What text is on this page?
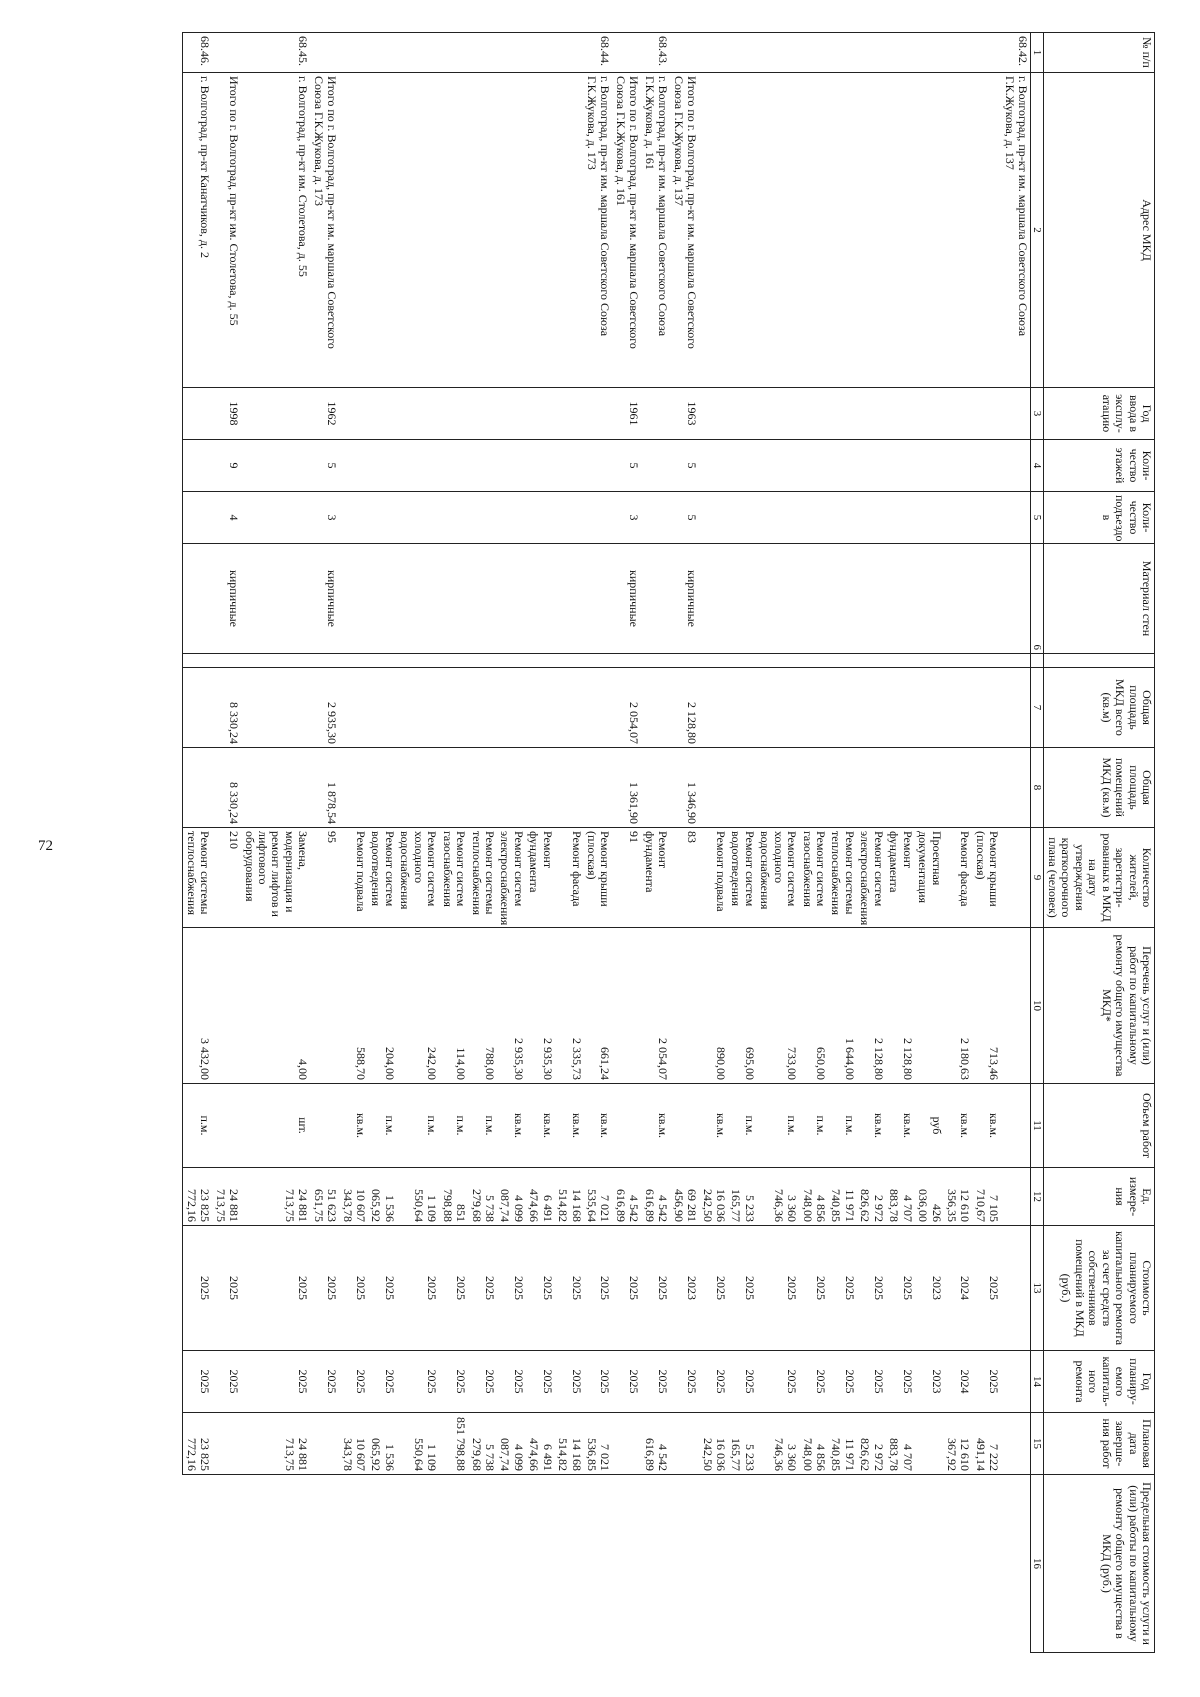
72
№ п/п	Адрес МКД	Год ввода в эксплу- атацию	Коли- чество этажей	Коли- чество подъездо в	Материал стен		Общая площадь МКД всего (кв.м)	Общая площадь помещений МКД (кв.м)	Количество жителей, зарегистри- рованных в МКД на дату утверждения краткосрочного плана (человек)	Перечень услуг и (или) работ по капитальному ремонту общего имущества МКД*	Объем работ	Ед. измере- ния	Стоимость планируемого капитального ремонта за счет средств собственников помещений в МКД (руб.)	Год планиру- емого капиталь- ного ремонта	Плановая дата заверше- ния работ	Предельная стоимость услуги и (или) работы по капитальному ремонту общего имущества в МКД (руб.)
1	2	3	4	5	6		7	8	9	10	11	12	13	14	15	16
68.42.	г. Волгоград, пр-кт им. маршала Советского Союза Г.К.Жукова, д. 137															
									Ремонт крыши (плоская)	713,46	кв.м.	7 105 710,67	2025	2025	7 222 491,14	
									Ремонт фасада	2 180,63	кв.м.	12 610 356,35	2024	2024	12 610 367,92	
									Проектная документация		руб	426 036,00	2023	2023		
									Ремонт фундамента	2 128,80	кв.м.	4 707 883,78	2025	2025	4 707 883,78	
									Ремонт систем электроснабжения	2 128,80	кв.м.	2 972 826,62	2025	2025	2 972 826,62	
									Ремонт системы теплоснабжения	1 644,00	п.м.	11 971 740,85	2025	2025	11 971 740,85	
									Ремонт систем газоснабжения	650,00	п.м.	4 856 748,00	2025	2025	4 856 748,00	
									Ремонт систем холодного водоснабжения	733,00	п.м.	3 360 746,36	2025	2025	3 360 746,36	
									Ремонт систем водоотведения	695,00	п.м.	5 233 165,77	2025	2025	5 233 165,77	
									Ремонт подвала	890,00	кв.м.	16 036 242,50	2025	2025	16 036 242,50	
	Итого по г. Волгоград, пр-кт им. маршала Советского Союза Г.К.Жукова, д. 137	1963	5	5	кирпичные		2 128,80	1 346,90	83			69 281 456,90	2023	2025		
68.43.	г. Волгоград, пр-кт им. маршала Советского Союза Г.К.Жукова, д. 161								Ремонт фундамента	2 054,07	кв.м.	4 542 616,89	2025	2025	4 542 616,89	
	Итого по г. Волгоград, пр-кт им. маршала Советского Союза Г.К.Жукова, д. 161	1961	5	3	кирпичные		2 054,07	1 361,90	91			4 542 616,89	2025	2025		
68.44.	г. Волгоград, пр-кт им. маршала Советского Союза Г.К.Жукова, д. 173								Ремонт крыши (плоская)	661,24	кв.м.	7 021 535,64	2025	2025	7 021 536,85	
									Ремонт фасада	2 335,73	кв.м.	14 168 514,82	2025	2025	14 168 514,82	
									Ремонт фундамента	2 935,30	кв.м.	6 491 474,66	2025	2025	6 491 474,66	
									Ремонт систем электроснабжения	2 935,30	кв.м.	4 099 087,74	2025	2025	4 099 087,74	
									Ремонт системы теплоснабжения	788,00	п.м.	5 738 279,68	2025	2025	5 738 279,68	
									Ремонт систем газоснабжения	114,00	п.м.	851 798,88	2025	2025	851 798,88	
									Ремонт систем холодного водоснабжения	242,00	п.м.	1 109 550,64	2025	2025	1 109 550,64	
									Ремонт систем водоотведения	204,00	п.м.	1 536 065,92	2025	2025	1 536 065,92	
									Ремонт подвала	588,70	кв.м.	10 607 343,78	2025	2025	10 607 343,78	
	Итого по г. Волгоград, пр-кт им. маршала Советского Союза Г.К.Жукова, д. 173	1962	5	3	кирпичные		2 935,30	1 878,54	95			51 623 651,75	2025	2025		
68.45.	г. Волгоград, пр-кт им. Столетова, д. 55								Замена, модернизация и ремонт лифтов и лифтового оборудования	4,00	шт.	24 881 713,75	2025	2025	24 881 713,75	
	Итого по г. Волгоград, пр-кт им. Столетова, д. 55	1998	9	4	кирпичные		8 330,24	8 330,24	210			24 881 713,75	2025	2025		
68.46.	г. Волгоград, пр-кт Канатчиков, д. 2								Ремонт системы теплоснабжения	3 432,00	п.м.	23 825 772,16	2025	2025	23 825 772,16	
